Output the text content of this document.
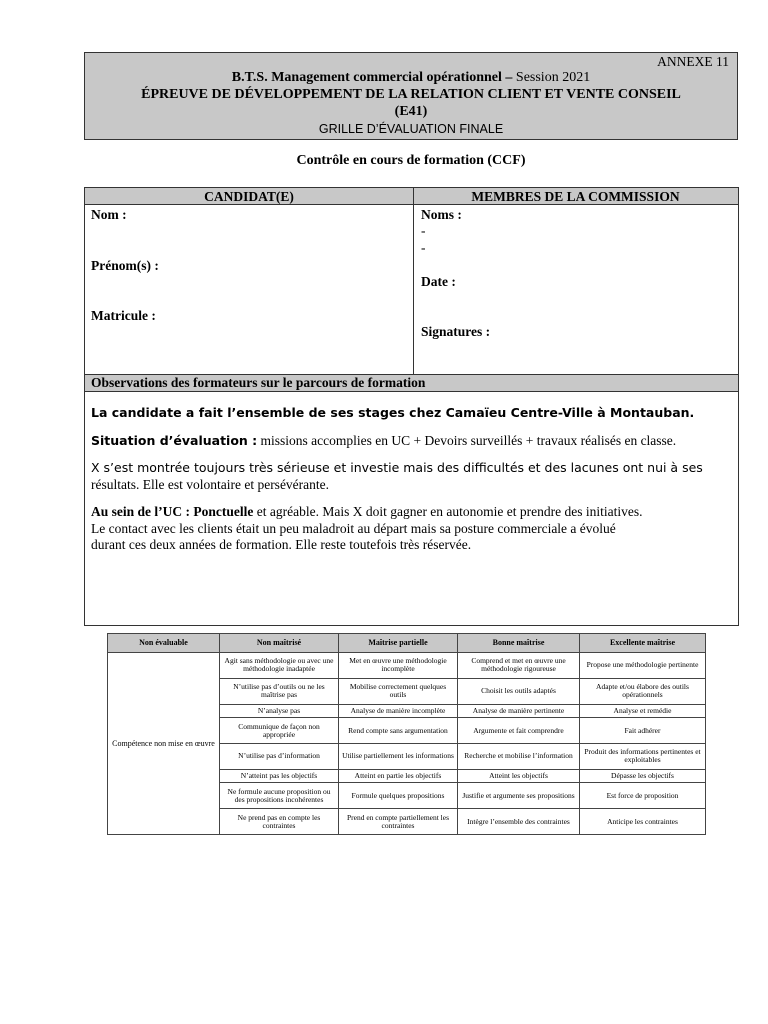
ANNEXE 11
B.T.S. Management commercial opérationnel – Session 2021
ÉPREUVE DE DÉVELOPPEMENT DE LA RELATION CLIENT ET VENTE CONSEIL
(E41)
GRILLE D’ÉVALUATION FINALE
Contrôle en cours de formation (CCF)
CANDIDAT(E)	MEMBRES DE LA COMMISSION
Nom :
Prénom(s) :
Matricule :
Noms :
-
-
Date :
Signatures :
Observations des formateurs sur le parcours de formation

La candidate a fait l’ensemble de ses stages chez Camaïeu Centre-Ville à Montauban.

Situation d’évaluation : missions accomplies en UC + Devoirs surveillés + travaux réalisés en classe.

X s’est montrée toujours très sérieuse et investie mais des difficultés et des lacunes ont nui à ses
résultats. Elle est volontaire et persévérante.

Au sein de l’UC : Ponctuelle et agréable. Mais X doit gagner en autonomie et prendre des initiatives.
Le contact avec les clients était un peu maladroit au départ mais sa posture commerciale a évolué
durant ces deux années de formation. Elle reste toutefois très réservée.

Non évaluable	Non maîtrisé	Maîtrise partielle	Bonne maîtrise	Excellente maîtrise
Compétence non mise en œuvre	Agit sans méthodologie ou avec une méthodologie inadaptée	Met en œuvre une méthodologie incomplète	Comprend et met en œuvre une méthodologie rigoureuse	Propose une méthodologie pertinente
	N’utilise pas d’outils ou ne les maîtrise pas	Mobilise correctement quelques outils	Choisit les outils adaptés	Adapte et/ou élabore des outils opérationnels
	N’analyse pas	Analyse de manière incomplète	Analyse de manière pertinente	Analyse et remédie
	Communique de façon non appropriée	Rend compte sans argumentation	Argumente et fait comprendre	Fait adhérer
	N’utilise pas d’information	Utilise partiellement les informations	Recherche et mobilise l’information	Produit des informations pertinentes et exploitables
	N’atteint pas les objectifs	Atteint en partie les objectifs	Atteint les objectifs	Dépasse les objectifs
	Ne formule aucune proposition ou des propositions incohérentes	Formule quelques propositions	Justifie et argumente ses propositions	Est force de proposition
	Ne prend pas en compte les contraintes	Prend en compte partiellement les contraintes	Intègre l’ensemble des contraintes	Anticipe les contraintes
